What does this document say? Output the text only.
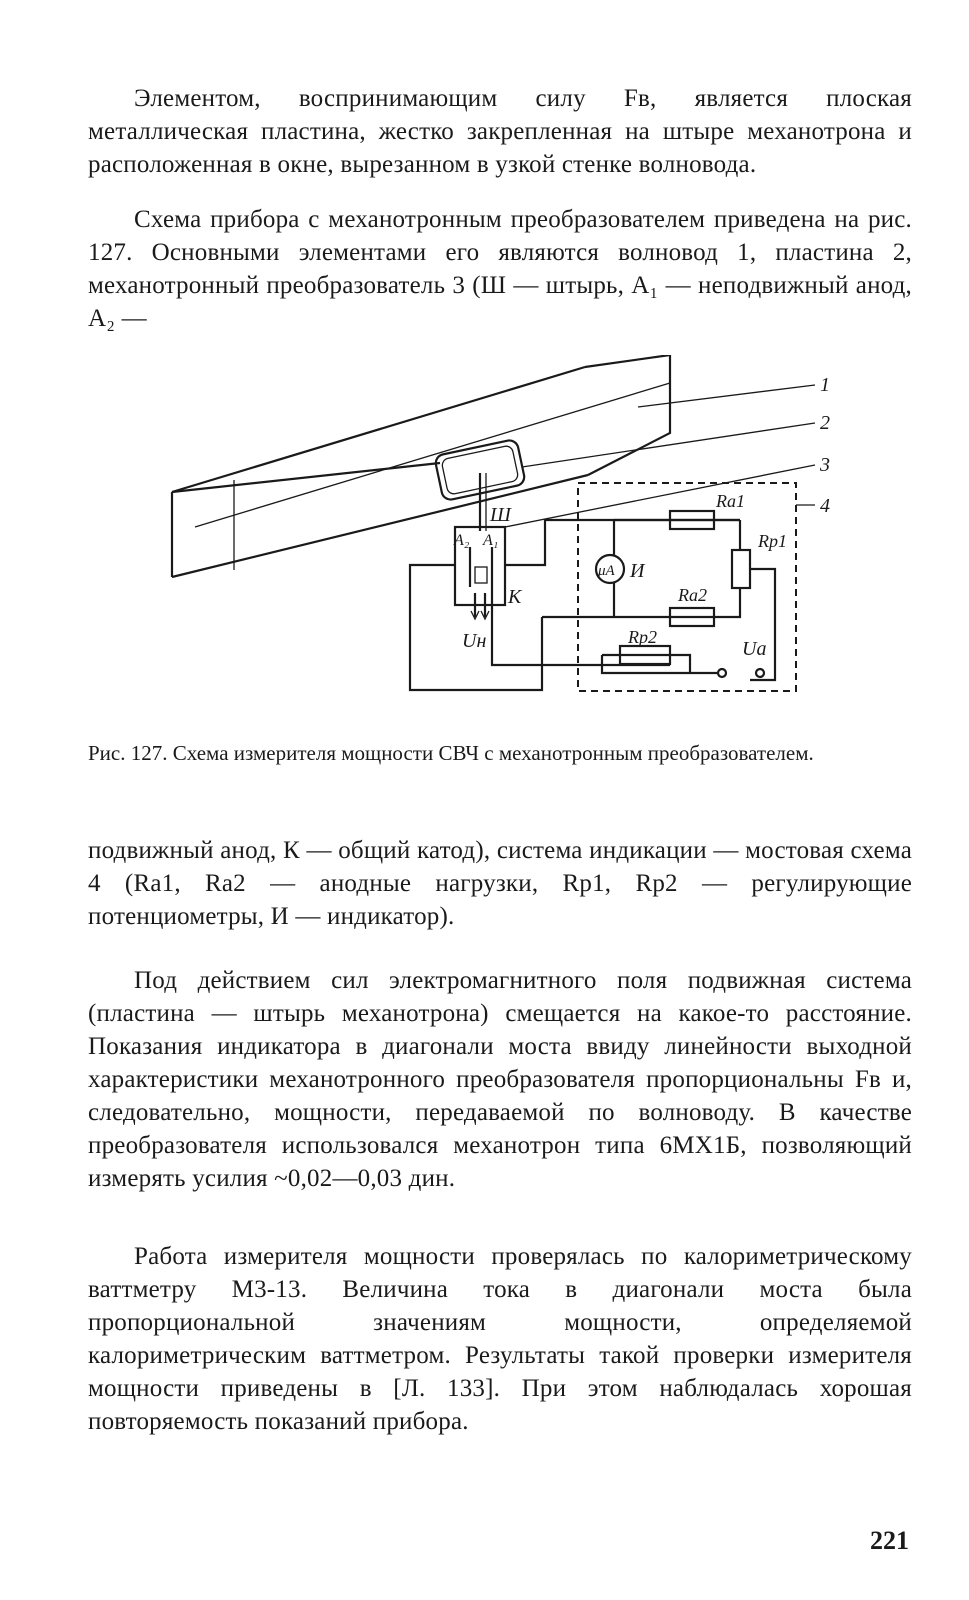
Элементом, воспринимающим силу Fв, является плоская металлическая пластина, жестко закрепленная на штыре механотрона и расположенная в окне, вырезанном в узкой стенке волновода.

Схема прибора с механотронным преобразователем приведена на рис. 127. Основными элементами его являются волновод 1, пластина 2, механотронный преобразователь 3 (Ш — штырь, A₁ — неподвижный анод, A₂ —

1
2
3
4
Ш
A₂ A₁
К
Uн
Ra1
Rp1
Ra2
Rp2
Ua
μA И

Рис. 127. Схема измерителя мощности СВЧ с механотронным преобразователем.

подвижный анод, К — общий катод), система индикации — мостовая схема 4 (Rа1, Rа2 — анодные нагрузки, Rр1, Rр2 — регулирующие потенциометры, И — индикатор).

Под действием сил электромагнитного поля подвижная система (пластина — штырь механотрона) смещается на какое-то расстояние. Показания индикатора в диагонали моста ввиду линейности выходной характеристики механотронного преобразователя пропорциональны Fв и, следовательно, мощности, передаваемой по волноводу. В качестве преобразователя использовался механотрон типа 6МХ1Б, позволяющий измерять усилия ~0,02—0,03 дин.

Работа измерителя мощности проверялась по калориметрическому ваттметру М3-13. Величина тока в диагонали моста была пропорциональной значениям мощности, определяемой калориметрическим ваттметром. Результаты такой проверки измерителя мощности приведены в [Л. 133]. При этом наблюдалась хорошая повторяемость показаний прибора.

221
